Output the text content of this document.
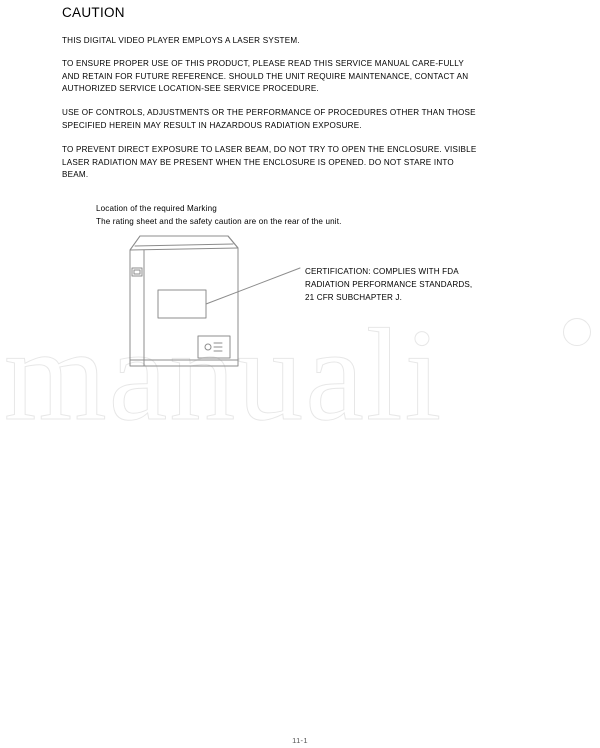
manuali
CAUTION
THIS DIGITAL VIDEO PLAYER EMPLOYS A LASER SYSTEM.
TO ENSURE PROPER USE OF THIS PRODUCT, PLEASE READ THIS SERVICE MANUAL CARE-FULLY AND RETAIN FOR FUTURE REFERENCE. SHOULD THE UNIT REQUIRE MAINTENANCE, CONTACT AN AUTHORIZED SERVICE LOCATION-SEE SERVICE PROCEDURE.
USE OF CONTROLS, ADJUSTMENTS OR THE PERFORMANCE OF PROCEDURES OTHER THAN THOSE SPECIFIED HEREIN MAY RESULT IN HAZARDOUS RADIATION EXPOSURE.
TO PREVENT DIRECT EXPOSURE TO LASER BEAM, DO NOT TRY TO OPEN THE ENCLOSURE. VISIBLE LASER RADIATION MAY BE PRESENT WHEN THE ENCLOSURE IS OPENED. DO NOT STARE INTO BEAM.
Location of the required Marking
The rating sheet and the safety caution are on the rear of the unit.
CERTIFICATION: COMPLIES WITH FDA
RADIATION PERFORMANCE STANDARDS,
21 CFR SUBCHAPTER J.
11-1
